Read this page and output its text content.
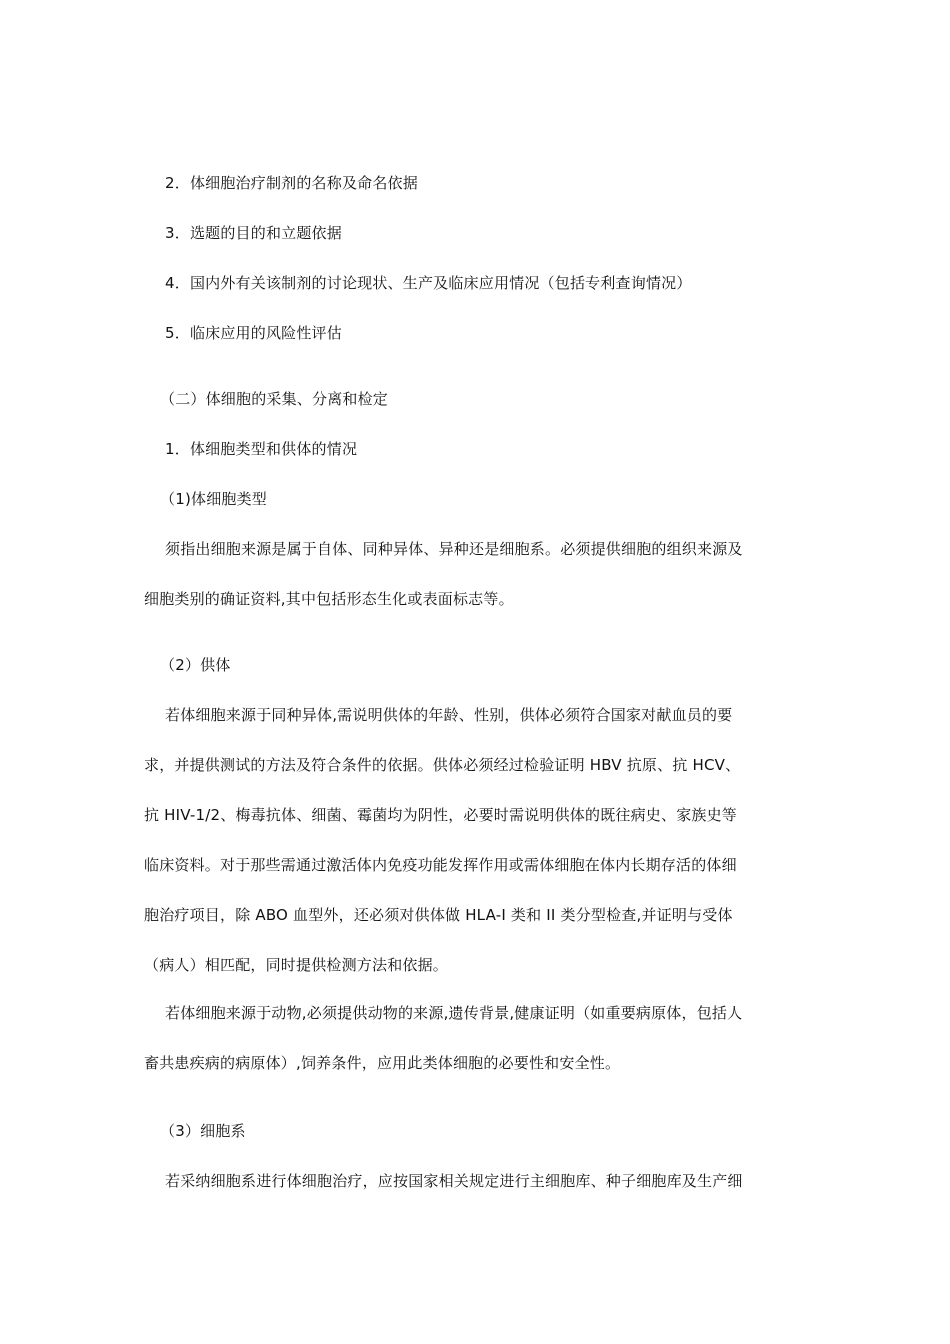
2．体细胞治疗制剂的名称及命名依据
3．选题的目的和立题依据
4．国内外有关该制剂的讨论现状、生产及临床应用情况（包括专利查询情况）
5．临床应用的风险性评估
（二）体细胞的采集、分离和检定
1．体细胞类型和供体的情况
（1)体细胞类型
须指出细胞来源是属于自体、同种异体、异种还是细胞系。必须提供细胞的组织来源及
细胞类别的确证资料,其中包括形态生化或表面标志等。
（2）供体
若体细胞来源于同种异体,需说明供体的年龄、性别，供体必须符合国家对献血员的要
求，并提供测试的方法及符合条件的依据。供体必须经过检验证明 HBV 抗原、抗 HCV、
抗 HIV-1/2、梅毒抗体、细菌、霉菌均为阴性，必要时需说明供体的既往病史、家族史等
临床资料。对于那些需通过激活体内免疫功能发挥作用或需体细胞在体内长期存活的体细
胞治疗项目，除 ABO 血型外，还必须对供体做 HLA-I 类和 II 类分型检查,并证明与受体
（病人）相匹配，同时提供检测方法和依据。
若体细胞来源于动物,必须提供动物的来源,遗传背景,健康证明（如重要病原体，包括人
畜共患疾病的病原体）,饲养条件，应用此类体细胞的必要性和安全性。
（3）细胞系
若采纳细胞系进行体细胞治疗，应按国家相关规定进行主细胞库、种子细胞库及生产细
